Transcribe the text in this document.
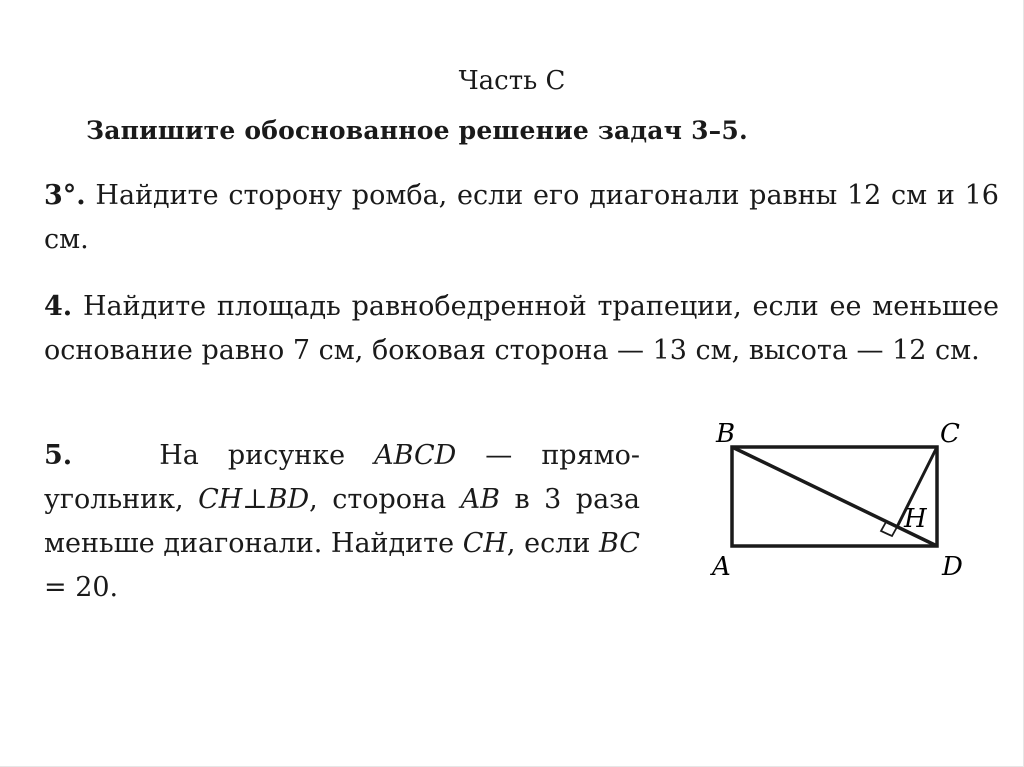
Часть C
Запишите обоснованное решение задач 3–5.
3°. Найдите сторону ромба, если его диагонали равны 12 см и 16 см.
4. Найдите площадь равнобедренной трапеции, если ее меньшее основание равно 7 см, боковая сторона — 13 см, высота — 12 см.
5.	На рисунке ABCD — прямо-
угольник, CH⊥BD, сторона AB в 3 раза меньше диагонали. Найдите CH, если BC = 20.
B	C
A	D
H
